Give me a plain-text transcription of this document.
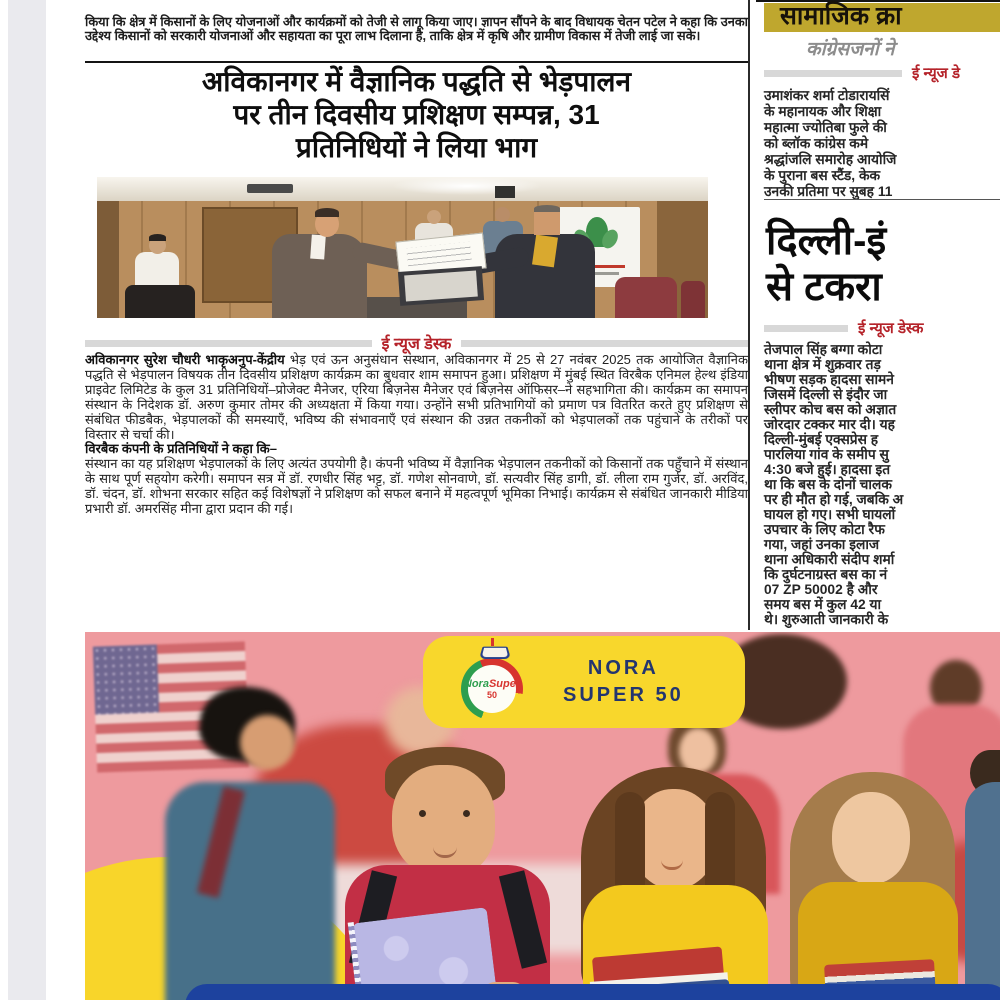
किया कि क्षेत्र में किसानों के लिए योजनाओं और कार्यक्रमों को तेजी से लागू किया जाए। ज्ञापन सौंपने के बाद विधायक चेतन पटेल ने कहा कि उनका उद्देश्य किसानों को सरकारी योजनाओं और सहायता का पूरा लाभ दिलाना है, ताकि क्षेत्र में कृषि और ग्रामीण विकास में तेजी लाई जा सके।

अविकानगर में वैज्ञानिक पद्धति से भेड़पालन
पर तीन दिवसीय प्रशिक्षण सम्पन्न, 31
प्रतिनिधियों ने लिया भाग
ई न्यूज डेस्क
अविकानगर सुरेश चौधरी भाकृअनुप-केंद्रीय भेड़ एवं ऊन अनुसंधान संस्थान, अविकानगर में 25 से 27 नवंबर 2025 तक आयोजित वैज्ञानिक पद्धति से भेड़पालन विषयक तीन दिवसीय प्रशिक्षण कार्यक्रम का बुधवार शाम समापन हुआ। प्रशिक्षण में मुंबई स्थित विरबैक एनिमल हेल्थ इंडिया प्राइवेट लिमिटेड के कुल 31 प्रतिनिधियों–प्रोजेक्ट मैनेजर, एरिया बिज़नेस मैनेजर एवं बिज़नेस ऑफिसर–ने सहभागिता की। कार्यक्रम का समापन संस्थान के निदेशक डॉ. अरुण कुमार तोमर की अध्यक्षता में किया गया। उन्होंने सभी प्रतिभागियों को प्रमाण पत्र वितरित करते हुए प्रशिक्षण से संबंधित फीडबैक, भेड़पालकों की समस्याएँ, भविष्य की संभावनाएँ एवं संस्थान की उन्नत तकनीकों को भेड़पालकों तक पहुंचाने के तरीकों पर विस्तार से चर्चा की।
विरबैक कंपनी के प्रतिनिधियों ने कहा कि–
संस्थान का यह प्रशिक्षण भेड़पालकों के लिए अत्यंत उपयोगी है। कंपनी भविष्य में वैज्ञानिक भेड़पालन तकनीकों को किसानों तक पहुँचाने में संस्थान के साथ पूर्ण सहयोग करेगी। समापन सत्र में डॉ. रणधीर सिंह भट्ट, डॉ. गणेश सोनवाणे, डॉ. सत्यवीर सिंह डागी, डॉ. लीला राम गुर्जर, डॉ. अरविंद, डॉ. चंदन, डॉ. शोभना सरकार सहित कई विशेषज्ञों ने प्रशिक्षण को सफल बनाने में महत्वपूर्ण भूमिका निभाई। कार्यक्रम से संबंधित जानकारी मीडिया प्रभारी डॉ. अमरसिंह मीना द्वारा प्रदान की गई।
सामाजिक क्रा
कांग्रेसजनों ने
ई न्यूज डे
उमाशंकर शर्मा टोडारायसिं
के महानायक और शिक्षा
महात्मा ज्योतिबा फुले की
को ब्लॉक कांग्रेस कमे
श्रद्धांजलि समारोह आयोजि
के पुराना बस स्टैंड, केक
उनकी प्रतिमा पर सुबह 11
दिल्ली-इं
से टकरा
ई न्यूज डेस्क
तेजपाल सिंह बग्गा कोटा
थाना क्षेत्र में शुक्रवार तड़
भीषण सड़क हादसा सामने
जिसमें दिल्ली से इंदौर जा
स्लीपर कोच बस को अज्ञात
जोरदार टक्कर मार दी। यह
दिल्ली-मुंबई एक्सप्रेस ह
पारलिया गांव के समीप सु
4:30 बजे हुई। हादसा इत
था कि बस के दोनों चालक
पर ही मौत हो गई, जबकि अ
घायल हो गए। सभी घायलों
उपचार के लिए कोटा रैफ
गया, जहां उनका इलाज
थाना अधिकारी संदीप शर्मा
कि दुर्घटनाग्रस्त बस का नं
07 ZP 50002 है और
समय बस में कुल 42 या
थे। शुरुआती जानकारी के
NoraSuper
50
NORA
SUPER 50
